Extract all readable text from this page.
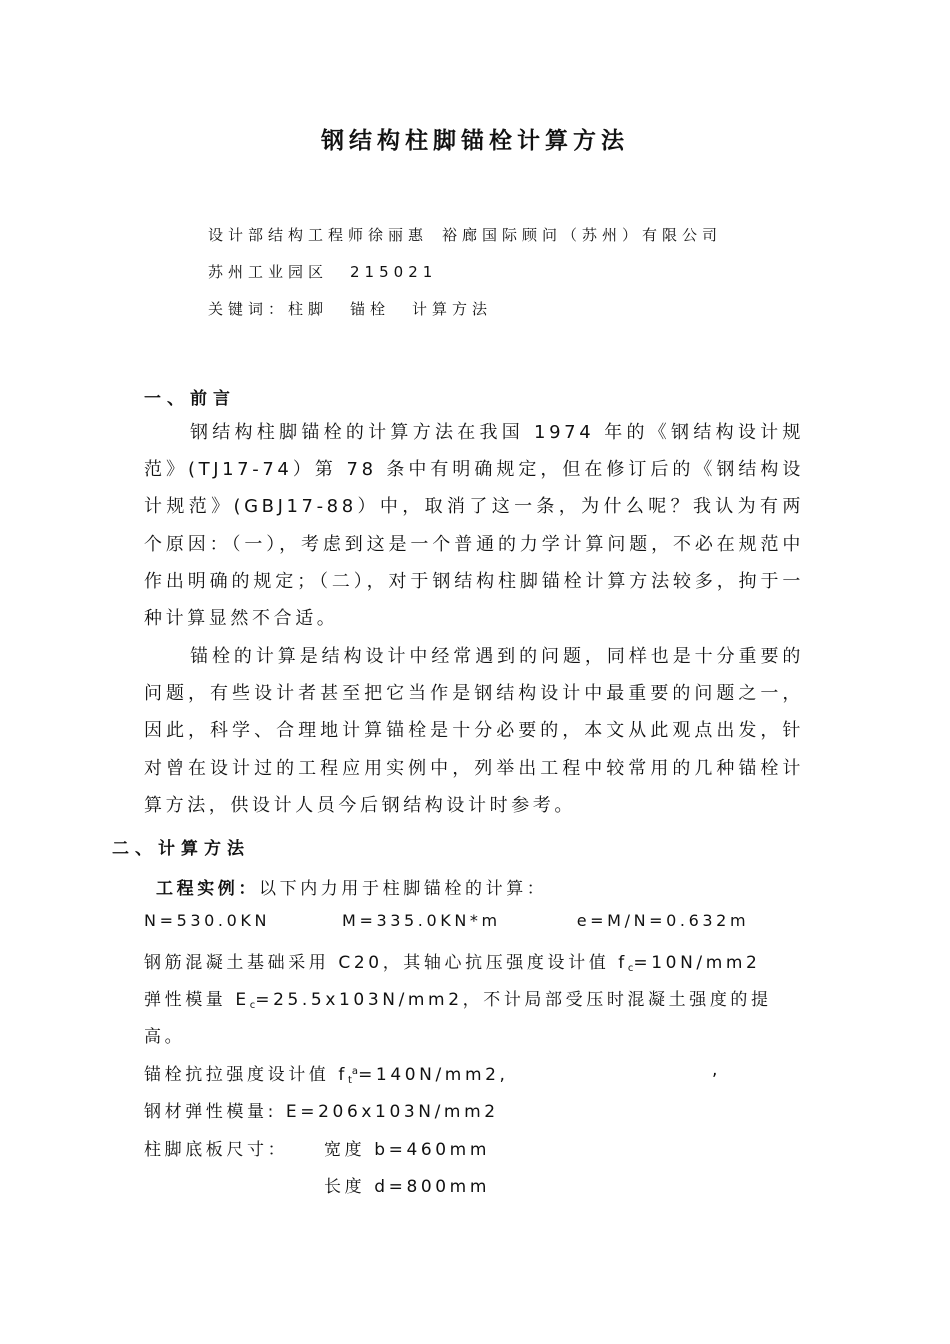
钢结构柱脚锚栓计算方法
设计部结构工程师徐丽惠 裕廊国际顾问（苏州）有限公司
苏州工业园区 215021
关键词：柱脚 锚栓 计算方法
一、前言
钢结构柱脚锚栓的计算方法在我国 1974 年的《钢结构设计规范》(TJ17-74）第 78 条中有明确规定，但在修订后的《钢结构设计规范》(GBJ17-88）中，取消了这一条，为什么呢？我认为有两个原因：（一），考虑到这是一个普通的力学计算问题，不必在规范中作出明确的规定；（二），对于钢结构柱脚锚栓计算方法较多，拘于一种计算显然不合适。
锚栓的计算是结构设计中经常遇到的问题，同样也是十分重要的问题，有些设计者甚至把它当作是钢结构设计中最重要的问题之一，因此，科学、合理地计算锚栓是十分必要的，本文从此观点出发，针对曾在设计过的工程应用实例中，列举出工程中较常用的几种锚栓计算方法，供设计人员今后钢结构设计时参考。
二、计算方法
工程实例：以下内力用于柱脚锚栓的计算：
N=530.0KN	M=335.0KN*m	e=M/N=0.632m
钢筋混凝土基础采用 C20，其轴心抗压强度设计值 $f_c=10N/mm2$
弹性模量 $E_c=25.5x103N/mm2$，不计局部受压时混凝土强度的提
高。
锚栓抗拉强度设计值 $f_t^a=140N/mm2$,	,
钢材弹性模量: E=206x103N/mm2
柱脚底板尺寸： 宽度 b=460mm
长度 d=800mm
